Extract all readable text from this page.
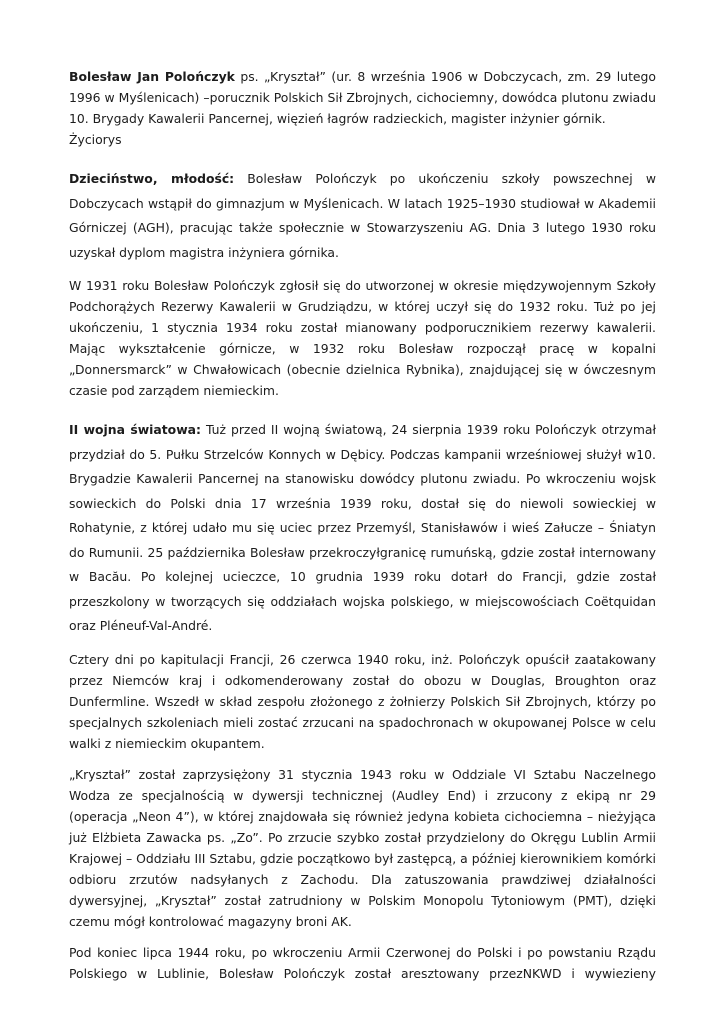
Bolesław Jan Polończyk ps. „Kryształ” (ur. 8 września 1906 w Dobczycach, zm. 29 lutego 1996 w Myślenicach) –porucznik Polskich Sił Zbrojnych, cichociemny, dowódca plutonu zwiadu 10. Brygady Kawalerii Pancernej, więzień łagrów radzieckich, magister inżynier górnik.
Życiorys

Dzieciństwo, młodość: Bolesław Polończyk po ukończeniu szkoły powszechnej w Dobczycach wstąpił do gimnazjum w Myślenicach. W latach 1925–1930 studiował w Akademii Górniczej (AGH), pracując także społecznie w Stowarzyszeniu AG. Dnia 3 lutego 1930 roku uzyskał dyplom magistra inżyniera górnika.

W 1931 roku Bolesław Polończyk zgłosił się do utworzonej w okresie międzywojennym Szkoły Podchorążych Rezerwy Kawalerii w Grudziądzu, w której uczył się do 1932 roku. Tuż po jej ukończeniu, 1 stycznia 1934 roku został mianowany podporucznikiem rezerwy kawalerii. Mając wykształcenie górnicze, w 1932 roku Bolesław rozpoczął pracę w kopalni „Donnersmarck” w Chwałowicach (obecnie dzielnica Rybnika), znajdującej się w ówczesnym czasie pod zarządem niemieckim.

II wojna światowa: Tuż przed II wojną światową, 24 sierpnia 1939 roku Polończyk otrzymał przydział do 5. Pułku Strzelców Konnych w Dębicy. Podczas kampanii wrześniowej służył w10. Brygadzie Kawalerii Pancernej na stanowisku dowódcy plutonu zwiadu. Po wkroczeniu wojsk sowieckich do Polski dnia 17 września 1939 roku, dostał się do niewoli sowieckiej w Rohatynie, z której udało mu się uciec przez Przemyśl, Stanisławów i wieś Załucze – Śniatyn do Rumunii. 25 października Bolesław przekroczyłgranicę rumuńską, gdzie został internowany w Bacău. Po kolejnej ucieczce, 10 grudnia 1939 roku dotarł do Francji, gdzie został przeszkolony w tworzących się oddziałach wojska polskiego, w miejscowościach Coëtquidan oraz Pléneuf-Val-André.

Cztery dni po kapitulacji Francji, 26 czerwca 1940 roku, inż. Polończyk opuścił zaatakowany przez Niemców kraj i odkomenderowany został do obozu w Douglas, Broughton oraz Dunfermline. Wszedł w skład zespołu złożonego z żołnierzy Polskich Sił Zbrojnych, którzy po specjalnych szkoleniach mieli zostać zrzucani na spadochronach w okupowanej Polsce w celu walki z niemieckim okupantem.

„Kryształ” został zaprzysiężony 31 stycznia 1943 roku w Oddziale VI Sztabu Naczelnego Wodza ze specjalnością w dywersji technicznej (Audley End) i zrzucony z ekipą nr 29 (operacja „Neon 4”), w której znajdowała się również jedyna kobieta cichociemna – nieżyjąca już Elżbieta Zawacka ps. „Zo”. Po zrzucie szybko został przydzielony do Okręgu Lublin Armii Krajowej – Oddziału III Sztabu, gdzie początkowo był zastępcą, a później kierownikiem komórki odbioru zrzutów nadsyłanych z Zachodu. Dla zatuszowania prawdziwej działalności dywersyjnej, „Kryształ” został zatrudniony w Polskim Monopolu Tytoniowym (PMT), dzięki czemu mógł kontrolować magazyny broni AK.

Pod koniec lipca 1944 roku, po wkroczeniu Armii Czerwonej do Polski i po powstaniu Rządu Polskiego w Lublinie, Bolesław Polończyk został aresztowany przezNKWD i wywiezieny
